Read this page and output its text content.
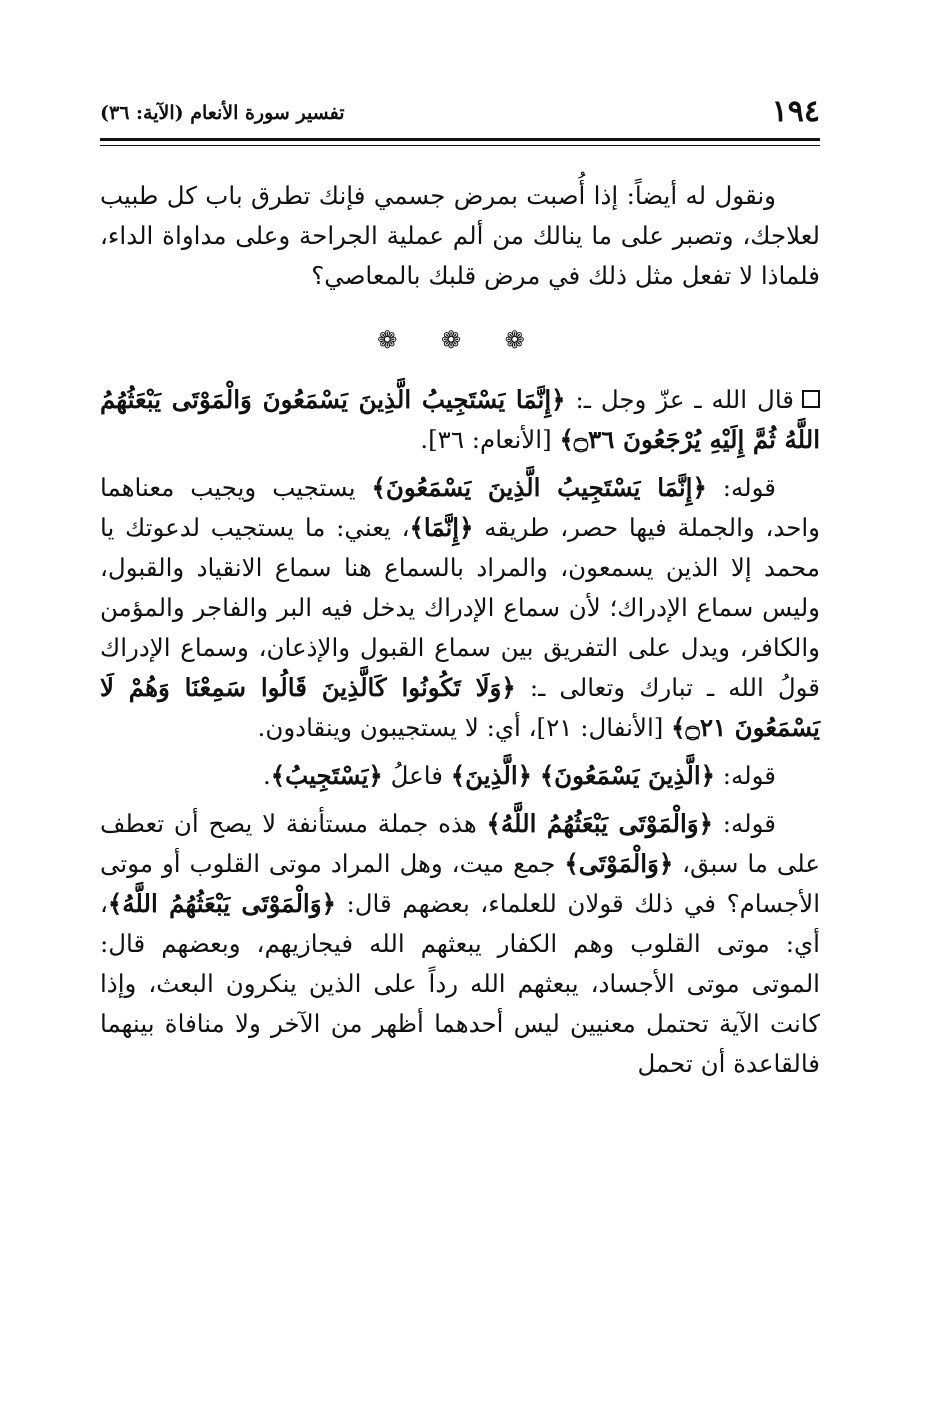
١٩٤
تفسير سورة الأنعام (الآية: ٣٦)

ونقول له أيضاً: إذا أُصبت بمرض جسمي فإنك تطرق باب كل طبيب لعلاجك، وتصبر على ما ينالك من ألم عملية الجراحة وعلى مداواة الداء، فلماذا لا تفعل مثل ذلك في مرض قلبك بالمعاصي؟

❁ ❁ ❁

قال الله ـ عزّ وجل ـ: ﴿إِنَّمَا يَسْتَجِيبُ الَّذِينَ يَسْمَعُونَ وَالْمَوْتَى يَبْعَثُهُمُ اللَّهُ ثُمَّ إِلَيْهِ يُرْجَعُونَ ۝٣٦﴾ [الأنعام: ٣٦].

قوله: ﴿إِنَّمَا يَسْتَجِيبُ الَّذِينَ يَسْمَعُونَ﴾ يستجيب ويجيب معناهما واحد، والجملة فيها حصر، طريقه ﴿إِنَّمَا﴾، يعني: ما يستجيب لدعوتك يا محمد إلا الذين يسمعون، والمراد بالسماع هنا سماع الانقياد والقبول، وليس سماع الإدراك؛ لأن سماع الإدراك يدخل فيه البر والفاجر والمؤمن والكافر، ويدل على التفريق بين سماع القبول والإذعان، وسماع الإدراك قولُ الله ـ تبارك وتعالى ـ: ﴿وَلَا تَكُونُوا كَالَّذِينَ قَالُوا سَمِعْنَا وَهُمْ لَا يَسْمَعُونَ ۝٢١﴾ [الأنفال: ٢١]، أي: لا يستجيبون وينقادون.

قوله: ﴿الَّذِينَ يَسْمَعُونَ﴾ ﴿الَّذِينَ﴾ فاعلُ ﴿يَسْتَجِيبُ﴾.

قوله: ﴿وَالْمَوْتَى يَبْعَثُهُمُ اللَّهُ﴾ هذه جملة مستأنفة لا يصح أن تعطف على ما سبق، ﴿وَالْمَوْتَى﴾ جمع ميت، وهل المراد موتى القلوب أو موتى الأجسام؟ في ذلك قولان للعلماء، بعضهم قال: ﴿وَالْمَوْتَى يَبْعَثُهُمُ اللَّهُ﴾، أي: موتى القلوب وهم الكفار يبعثهم الله فيجازيهم، وبعضهم قال: الموتى موتى الأجساد، يبعثهم الله رداً على الذين ينكرون البعث، وإذا كانت الآية تحتمل معنيين ليس أحدهما أظهر من الآخر ولا منافاة بينهما فالقاعدة أن تحمل
